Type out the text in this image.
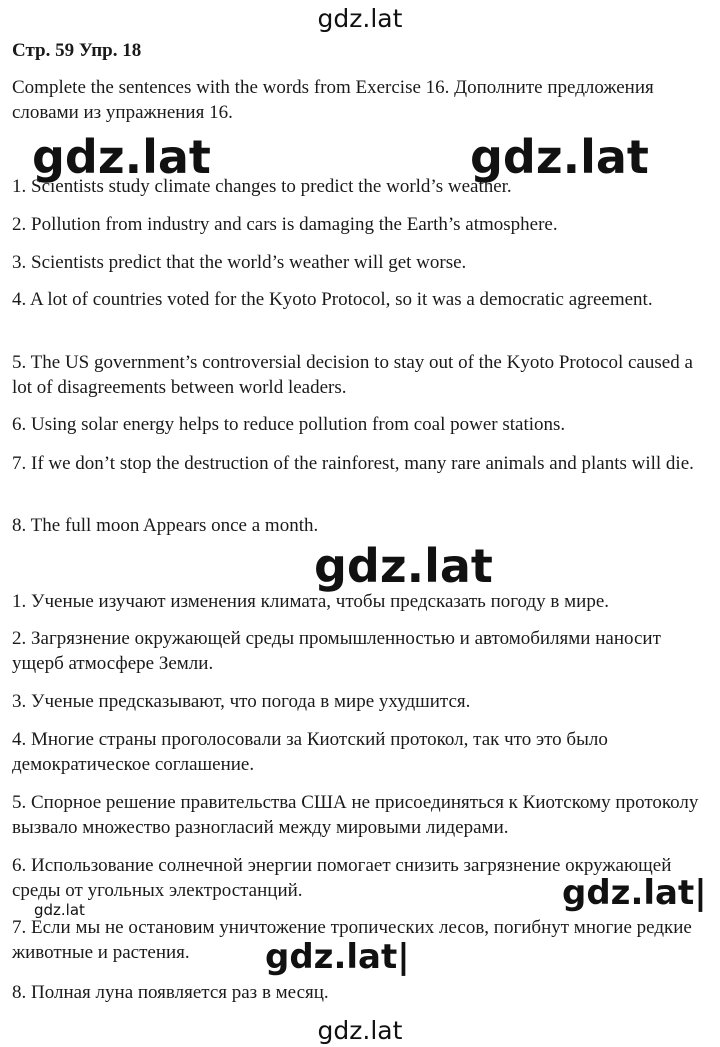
gdz.lat
Стр. 59 Упр. 18

Complete the sentences with the words from Exercise 16. Дополните предложения словами из упражнения 16.

1. Scientists study climate changes to predict the world’s weather.

2. Pollution from industry and cars is damaging the Earth’s atmosphere.

3. Scientists predict that the world’s weather will get worse.

4. A lot of countries voted for the Kyoto Protocol, so it was a democratic agreement.

5. The US government’s controversial decision to stay out of the Kyoto Protocol caused a lot of disagreements between world leaders.

6. Using solar energy helps to reduce pollution from coal power stations.

7. If we don’t stop the destruction of the rainforest, many rare animals and plants will die.

8. The full moon Appears once a month.

1. Ученые изучают изменения климата, чтобы предсказать погоду в мире.

2. Загрязнение окружающей среды промышленностью и автомобилями наносит ущерб атмосфере Земли.

3. Ученые предсказывают, что погода в мире ухудшится.

4. Многие страны проголосовали за Киотский протокол, так что это было демократическое соглашение.

5. Спорное решение правительства США не присоединяться к Киотскому протоколу вызвало множество разногласий между мировыми лидерами.

6. Использование солнечной энергии помогает снизить загрязнение окружающей среды от угольных электростанций.

7. Если мы не остановим уничтожение тропических лесов, погибнут многие редкие животные и растения.

8. Полная луна появляется раз в месяц.

gdz.lat	gdz.lat
gdz.lat
gdz.lat|
gdz.lat
gdz.lat|
gdz.lat
